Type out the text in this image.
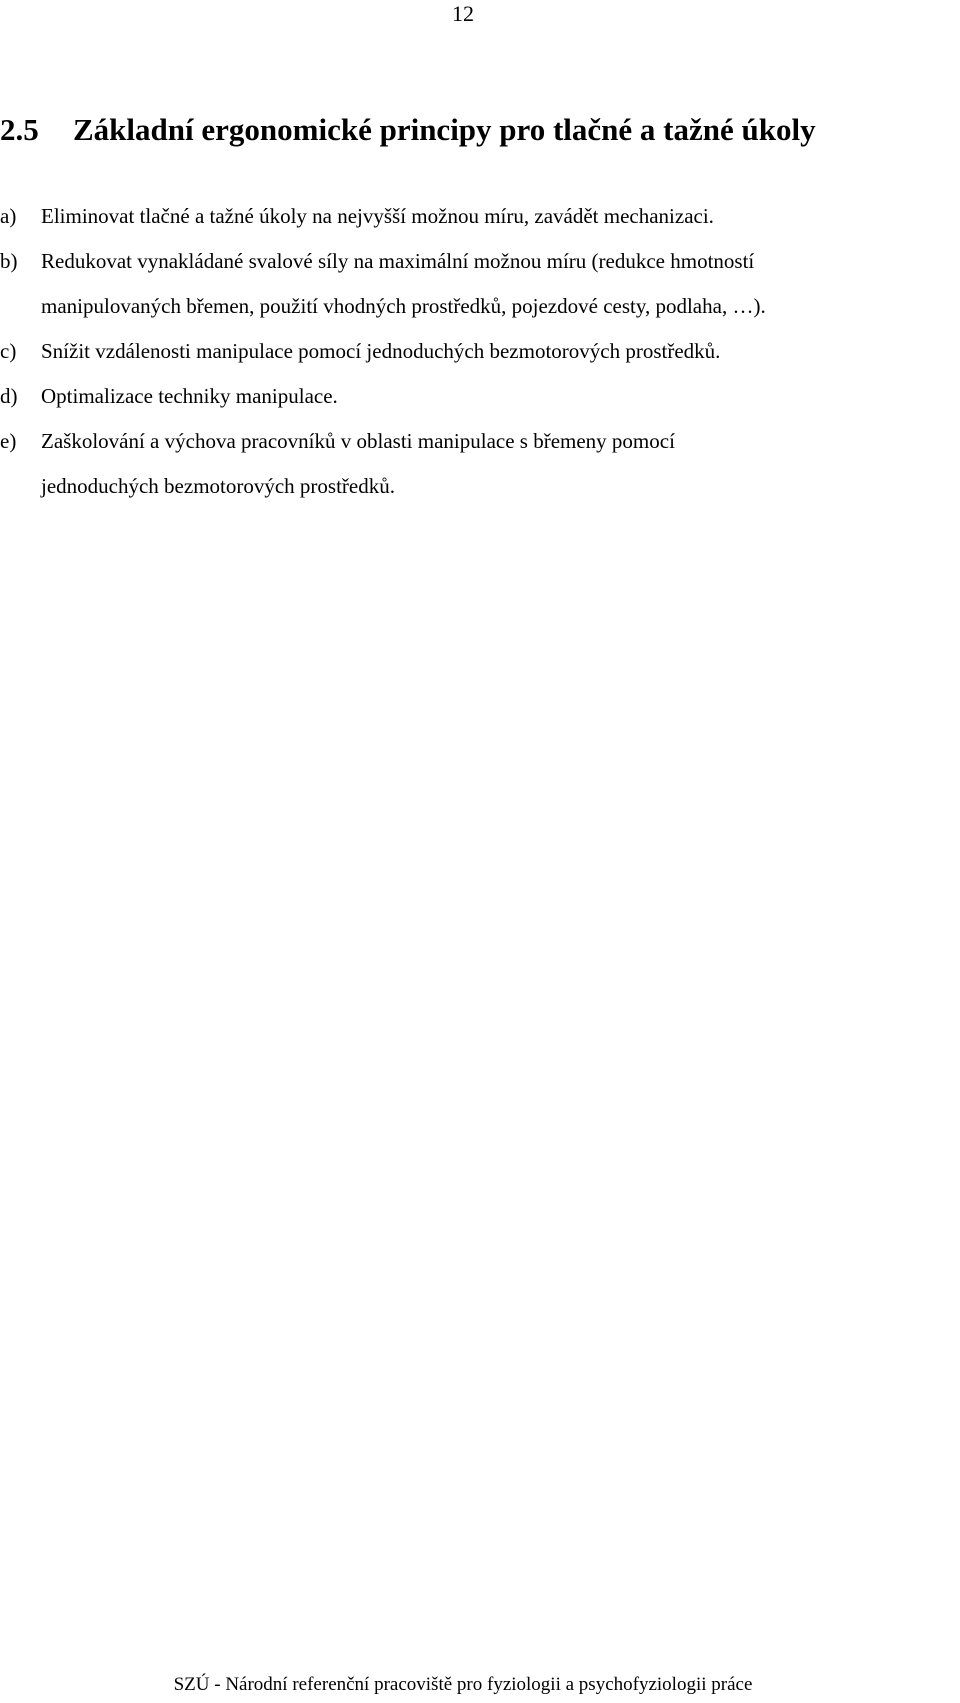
12
2.5 Základní ergonomické principy pro tlačné a tažné úkoly
a)	Eliminovat tlačné a tažné úkoly na nejvyšší možnou míru, zavádět mechanizaci.
b)	Redukovat vynakládané svalové síly na maximální možnou míru (redukce hmotností
manipulovaných břemen, použití vhodných prostředků, pojezdové cesty, podlaha, …).
c)	Snížit vzdálenosti manipulace pomocí jednoduchých bezmotorových prostředků.
d)	Optimalizace techniky manipulace.
e)	Zaškolování a výchova pracovníků v oblasti manipulace s břemeny pomocí
jednoduchých bezmotorových prostředků.
SZÚ - Národní referenční pracoviště pro fyziologii a psychofyziologii práce
